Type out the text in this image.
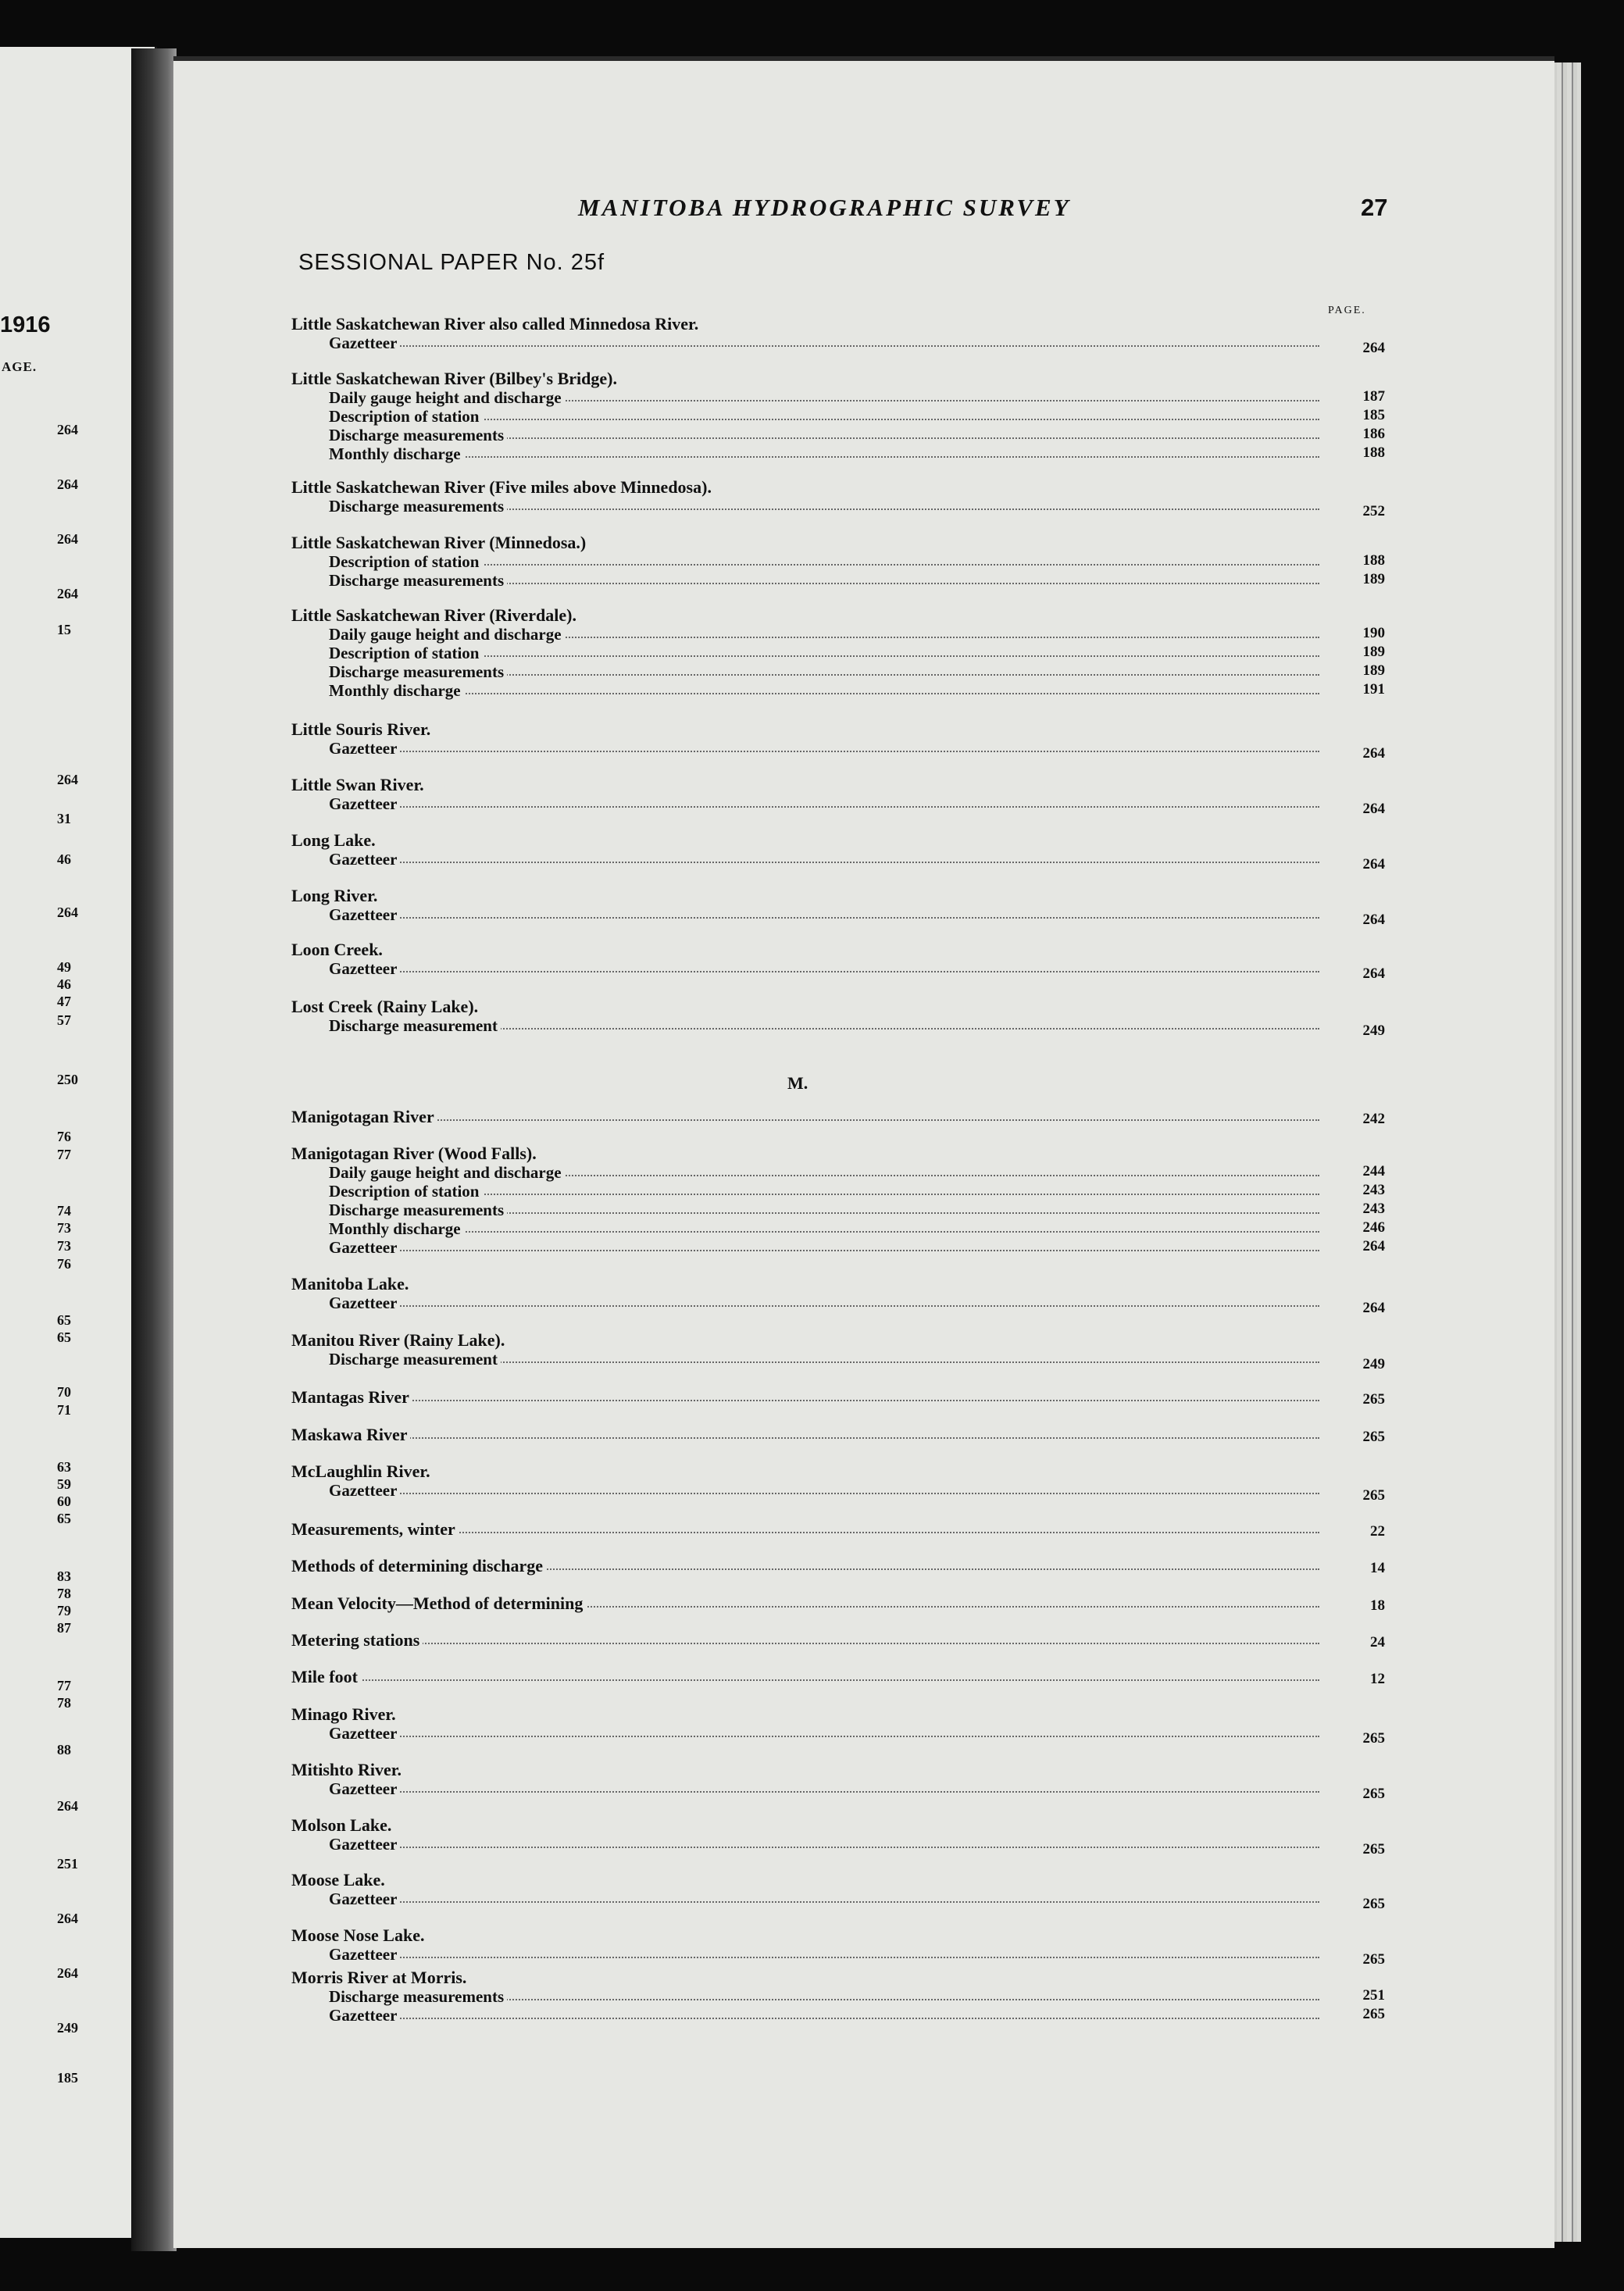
1916
AGE.
264
264
264
264
15
264
31
46
264
49
46
47
57
250
76
77
74
73
73
76
65
65
70
71
63
59
60
65
83
78
79
87
77
78
88
264
251
264
264
249
185
MANITOBA HYDROGRAPHIC SURVEY	27
SESSIONAL PAPER No. 25f
PAGE.
Little Saskatchewan River also called Minnedosa River.
Gazetteer	264
Little Saskatchewan River (Bilbey's Bridge).
Daily gauge height and discharge	187
Description of station	185
Discharge measurements	186
Monthly discharge	188
Little Saskatchewan River (Five miles above Minnedosa).
Discharge measurements	252
Little Saskatchewan River (Minnedosa.)
Description of station	188
Discharge measurements	189
Little Saskatchewan River (Riverdale).
Daily gauge height and discharge	190
Description of station	189
Discharge measurements	189
Monthly discharge	191
Little Souris River.
Gazetteer	264
Little Swan River.
Gazetteer	264
Long Lake.
Gazetteer	264
Long River.
Gazetteer	264
Loon Creek.
Gazetteer	264
Lost Creek (Rainy Lake).
Discharge measurement	249
Manigotagan River	242
Manigotagan River (Wood Falls).
Daily gauge height and discharge	244
Description of station	243
Discharge measurements	243
Monthly discharge	246
Gazetteer	264
Manitoba Lake.
Gazetteer	264
Manitou River (Rainy Lake).
Discharge measurement	249
Mantagas River	265
Maskawa River	265
McLaughlin River.
Gazetteer	265
Measurements, winter	22
Methods of determining discharge	14
Mean Velocity—Method of determining	18
Metering stations	24
Mile foot	12
Minago River.
Gazetteer	265
Mitishto River.
Gazetteer	265
Molson Lake.
Gazetteer	265
Moose Lake.
Gazetteer	265
Moose Nose Lake.
Gazetteer	265
Morris River at Morris.
Discharge measurements	251
Gazetteer	265
M.
